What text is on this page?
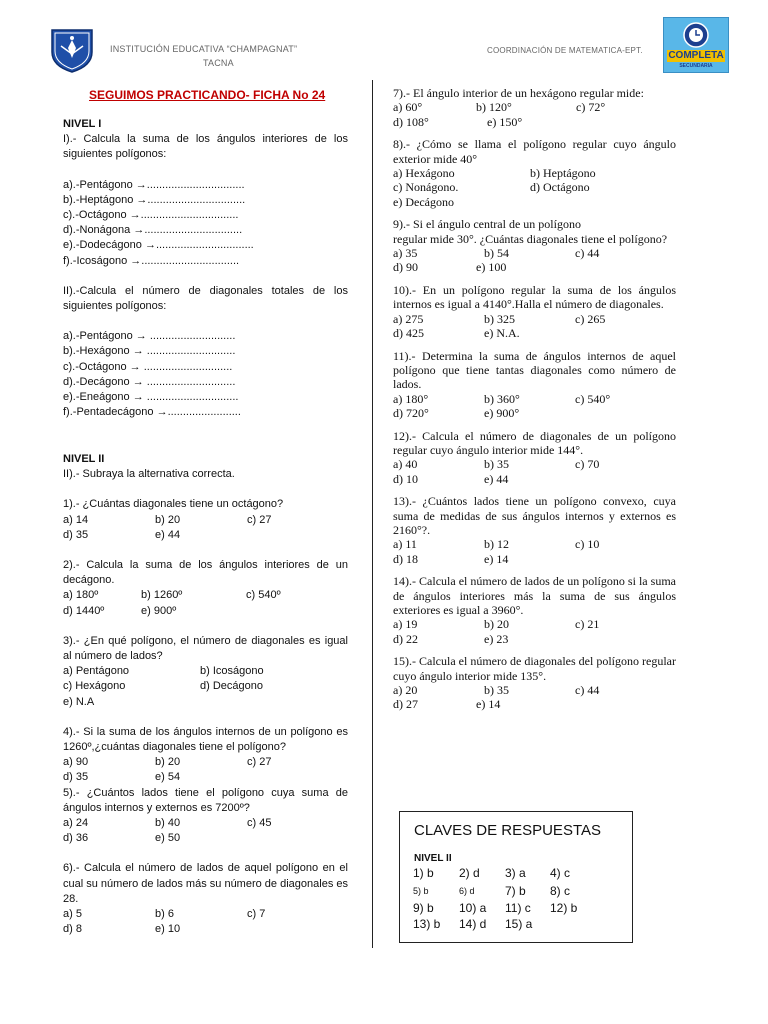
CHAMPAGNAT
INSTITUCIÓN EDUCATIVA “CHAMPAGNAT”
TACNA
COORDINACIÓN DE MATEMATICA-EPT.	COMPLETA
SECUNDARIA
SEGUIMOS PRACTICANDO- FICHA No 24
NIVEL I
I).- Calcula la suma de los ángulos interiores de los siguientes polígonos:
a).-Pentágono →................................
b).-Heptágono →................................
c).-Octágono →................................
d).-Nonágona →................................
e).-Dodecágono →................................
f).-Icoságono →................................
II).-Calcula el número de diagonales totales de los siguientes polígonos:
a).-Pentágono → ............................
b).-Hexágono → .............................
c).-Octágono → .............................
d).-Decágono → .............................
e).-Eneágono → ..............................
f).-Pentadecágono →........................
NIVEL II
II).- Subraya la alternativa correcta.
1).- ¿Cuántas diagonales tiene un octágono?
a) 14	b) 20	c) 27
d) 35	e) 44
2).- Calcula la suma de los ángulos interiores de un decágono.
a) 180º	b) 1260º	c) 540º
d) 1440º	e) 900º
3).- ¿En qué polígono, el número de diagonales es igual al número de lados?
a) Pentágono	b) Icoságono
c) Hexágono	d) Decágono
e) N.A
4).- Si la suma de los ángulos internos de un polígono es 1260º,¿cuántas diagonales tiene el polígono?
a) 90	b) 20	c) 27
d) 35	e) 54
5).- ¿Cuántos lados tiene el polígono cuya suma de ángulos internos y externos es 7200º?
a) 24	b) 40	c) 45
d) 36	e) 50
6).- Calcula el número de lados de aquel polígono en el cual su número de lados más su número de diagonales es 28.
a) 5	b) 6	c) 7
d) 8	e) 10
7).- El ángulo interior de un hexágono regular mide:
a) 60°	b) 120°	c) 72°
d) 108°	e) 150°
8).- ¿Cómo se llama el polígono regular cuyo ángulo exterior mide 40°
a) Hexágono	b) Heptágono
c) Nonágono.	d) Octágono
e) Decágono
9).- Si el ángulo central de un polígono
regular mide 30°. ¿Cuántas diagonales tiene el polígono?
a) 35	b) 54	c) 44
d) 90	e) 100
10).- En un polígono regular la suma de los ángulos internos es igual a 4140°.Halla el número de diagonales.
a) 275	b) 325	c) 265
d) 425	e) N.A.
11).- Determina la suma de ángulos internos de aquel polígono que tiene tantas diagonales como número de lados.
a) 180°	b) 360°	c) 540°
d) 720°	e) 900°
12).- Calcula el número de diagonales de un polígono regular cuyo ángulo interior mide 144°.
a) 40	b) 35	c) 70
d) 10	e) 44
13).- ¿Cuántos lados tiene un polígono convexo, cuya suma de medidas de sus ángulos internos y externos es 2160°?.
a) 11	b) 12	c) 10
d) 18	e) 14
14).- Calcula el número de lados de un polígono si la suma de ángulos interiores más la suma de sus ángulos exteriores es igual a 3960°.
a) 19	b) 20	c) 21
d) 22	e) 23
15).- Calcula el número de diagonales del polígono regular cuyo ángulo interior mide 135°.
a) 20	b) 35	c) 44
d) 27	e) 14
CLAVES DE RESPUESTAS
NIVEL II
1) b	2) d	3) a	4) c
5) b	6) d	7) b	8) c
9) b	10) a	11) c	12) b
13) b	14) d	15) a
